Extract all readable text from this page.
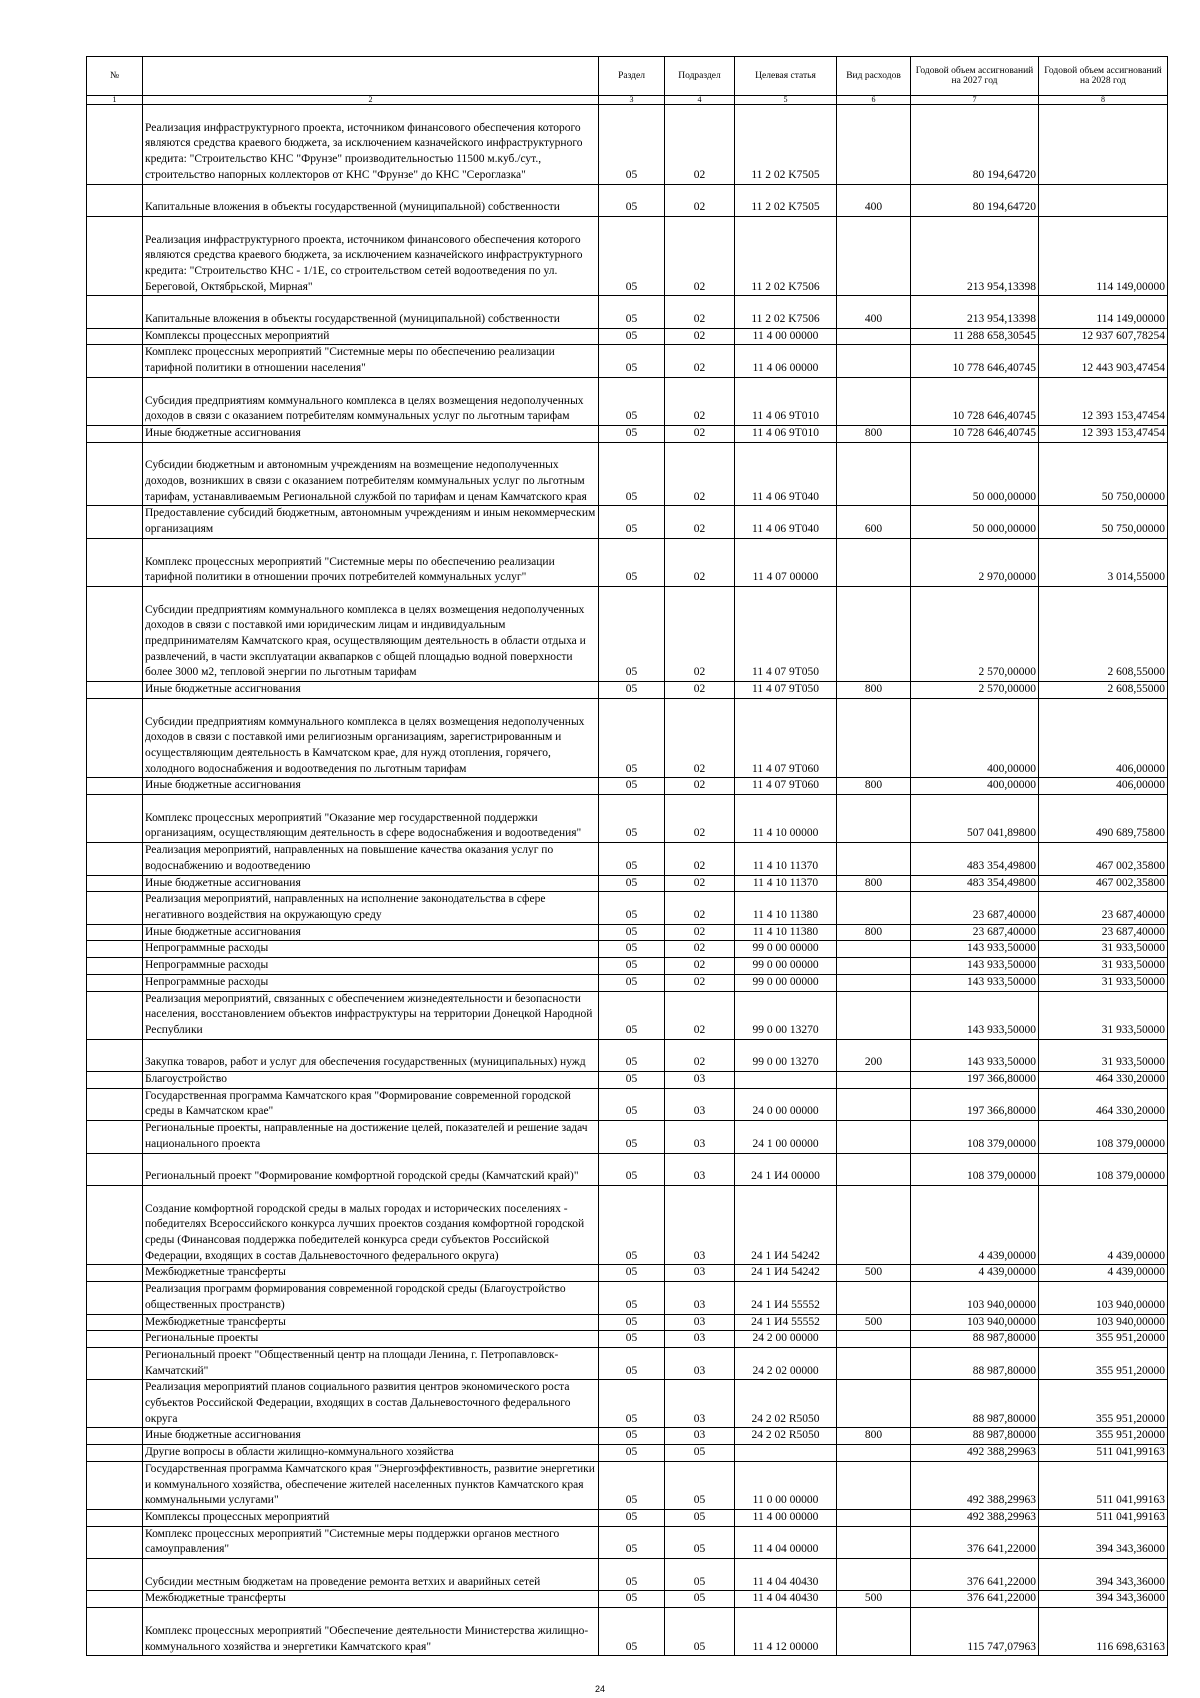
№		Раздел	Подраздел	Целевая статья	Вид расходов	Годовой объем ассигнований на 2027 год	Годовой объем ассигнований на 2028 год
1	2	3	4	5	6	7	8
	Реализация инфраструктурного проекта, источником финансового обеспечения которого являются средства краевого бюджета, за исключением казначейского инфраструктурного кредита: "Строительство КНС "Фрунзе" производительностью 11500 м.куб./сут., строительство напорных коллекторов от КНС "Фрунзе" до КНС "Сероглазка"	05	02	11 2 02 K7505		80 194,64720	
	Капитальные вложения в объекты государственной (муниципальной) собственности	05	02	11 2 02 K7505	400	80 194,64720	
	Реализация инфраструктурного проекта, источником финансового обеспечения которого являются средства краевого бюджета, за исключением казначейского инфраструктурного кредита: "Строительство КНС - 1/1Е, со строительством сетей водоотведения по ул. Береговой, Октябрьской, Мирная"	05	02	11 2 02 K7506		213 954,13398	114 149,00000
	Капитальные вложения в объекты государственной (муниципальной) собственности	05	02	11 2 02 K7506	400	213 954,13398	114 149,00000
	Комплексы процессных мероприятий	05	02	11 4 00 00000		11 288 658,30545	12 937 607,78254
	Комплекс процессных мероприятий "Системные меры по обеспечению реализации тарифной политики в отношении населения"	05	02	11 4 06 00000		10 778 646,40745	12 443 903,47454
	Субсидия предприятиям коммунального комплекса в целях возмещения недополученных доходов в связи с оказанием потребителям коммунальных услуг по льготным тарифам	05	02	11 4 06 9Т010		10 728 646,40745	12 393 153,47454
	Иные бюджетные ассигнования	05	02	11 4 06 9Т010	800	10 728 646,40745	12 393 153,47454
	Субсидии бюджетным и автономным учреждениям на возмещение недополученных доходов, возникших в связи с оказанием потребителям коммунальных услуг по льготным тарифам, устанавливаемым Региональной службой по тарифам и ценам Камчатского края	05	02	11 4 06 9Т040		50 000,00000	50 750,00000
	Предоставление субсидий бюджетным, автономным учреждениям и иным некоммерческим организациям	05	02	11 4 06 9Т040	600	50 000,00000	50 750,00000
	Комплекс процессных мероприятий "Системные меры по обеспечению реализации тарифной политики в отношении прочих потребителей коммунальных услуг"	05	02	11 4 07 00000		2 970,00000	3 014,55000
	Субсидии предприятиям коммунального комплекса в целях возмещения недополученных доходов в связи с поставкой ими юридическим лицам и индивидуальным предпринимателям Камчатского края, осуществляющим деятельность в области отдыха и развлечений, в части эксплуатации аквапарков с общей площадью водной поверхности более 3000 м2, тепловой энергии по льготным тарифам	05	02	11 4 07 9Т050		2 570,00000	2 608,55000
	Иные бюджетные ассигнования	05	02	11 4 07 9Т050	800	2 570,00000	2 608,55000
	Субсидии предприятиям коммунального комплекса в целях возмещения недополученных доходов в связи с поставкой ими религиозным организациям, зарегистрированным и осуществляющим деятельность в Камчатском крае, для нужд отопления, горячего, холодного водоснабжения и водоотведения по льготным тарифам	05	02	11 4 07 9Т060		400,00000	406,00000
	Иные бюджетные ассигнования	05	02	11 4 07 9Т060	800	400,00000	406,00000
	Комплекс процессных мероприятий "Оказание мер государственной поддержки организациям, осуществляющим деятельность в сфере водоснабжения и водоотведения"	05	02	11 4 10 00000		507 041,89800	490 689,75800
	Реализация мероприятий, направленных на повышение качества оказания услуг по водоснабжению и водоотведению	05	02	11 4 10 11370		483 354,49800	467 002,35800
	Иные бюджетные ассигнования	05	02	11 4 10 11370	800	483 354,49800	467 002,35800
	Реализация мероприятий, направленных на исполнение законодательства в сфере негативного воздействия на окружающую среду	05	02	11 4 10 11380		23 687,40000	23 687,40000
	Иные бюджетные ассигнования	05	02	11 4 10 11380	800	23 687,40000	23 687,40000
	Непрограммные расходы	05	02	99 0 00 00000		143 933,50000	31 933,50000
	Непрограммные расходы	05	02	99 0 00 00000		143 933,50000	31 933,50000
	Непрограммные расходы	05	02	99 0 00 00000		143 933,50000	31 933,50000
	Реализация мероприятий, связанных с обеспечением жизнедеятельности и безопасности населения, восстановлением объектов инфраструктуры на территории Донецкой Народной Республики	05	02	99 0 00 13270		143 933,50000	31 933,50000
	Закупка товаров, работ и услуг для обеспечения государственных (муниципальных) нужд	05	02	99 0 00 13270	200	143 933,50000	31 933,50000
	Благоустройство	05	03			197 366,80000	464 330,20000
	Государственная программа Камчатского края "Формирование современной городской среды в Камчатском крае"	05	03	24 0 00 00000		197 366,80000	464 330,20000
	Региональные проекты, направленные на достижение целей, показателей и решение задач национального проекта	05	03	24 1 00 00000		108 379,00000	108 379,00000
	Региональный проект "Формирование комфортной городской среды (Камчатский край)"	05	03	24 1 И4 00000		108 379,00000	108 379,00000
	Создание комфортной городской среды в малых городах и исторических поселениях - победителях Всероссийского конкурса лучших проектов создания комфортной городской среды (Финансовая поддержка победителей конкурса среди субъектов Российской Федерации, входящих в состав Дальневосточного федерального округа)	05	03	24 1 И4 54242		4 439,00000	4 439,00000
	Межбюджетные трансферты	05	03	24 1 И4 54242	500	4 439,00000	4 439,00000
	Реализация программ формирования современной городской среды (Благоустройство общественных пространств)	05	03	24 1 И4 55552		103 940,00000	103 940,00000
	Межбюджетные трансферты	05	03	24 1 И4 55552	500	103 940,00000	103 940,00000
	Региональные проекты	05	03	24 2 00 00000		88 987,80000	355 951,20000
	Региональный проект "Общественный центр на площади Ленина, г. Петропавловск-Камчатский"	05	03	24 2 02 00000		88 987,80000	355 951,20000
	Реализация мероприятий планов социального развития центров экономического роста субъектов Российской Федерации, входящих в состав Дальневосточного федерального округа	05	03	24 2 02 R5050		88 987,80000	355 951,20000
	Иные бюджетные ассигнования	05	03	24 2 02 R5050	800	88 987,80000	355 951,20000
	Другие вопросы в области жилищно-коммунального хозяйства	05	05			492 388,29963	511 041,99163
	Государственная программа Камчатского края "Энергоэффективность, развитие энергетики и коммунального хозяйства, обеспечение жителей населенных пунктов Камчатского края коммунальными услугами"	05	05	11 0 00 00000		492 388,29963	511 041,99163
	Комплексы процессных мероприятий	05	05	11 4 00 00000		492 388,29963	511 041,99163
	Комплекс процессных мероприятий "Системные меры поддержки органов местного самоуправления"	05	05	11 4 04 00000		376 641,22000	394 343,36000
	Субсидии местным бюджетам на проведение ремонта ветхих и аварийных сетей	05	05	11 4 04 40430		376 641,22000	394 343,36000
	Межбюджетные трансферты	05	05	11 4 04 40430	500	376 641,22000	394 343,36000
	Комплекс процессных мероприятий "Обеспечение деятельности Министерства жилищно-коммунального хозяйства и энергетики Камчатского края"	05	05	11 4 12 00000		115 747,07963	116 698,63163
24
